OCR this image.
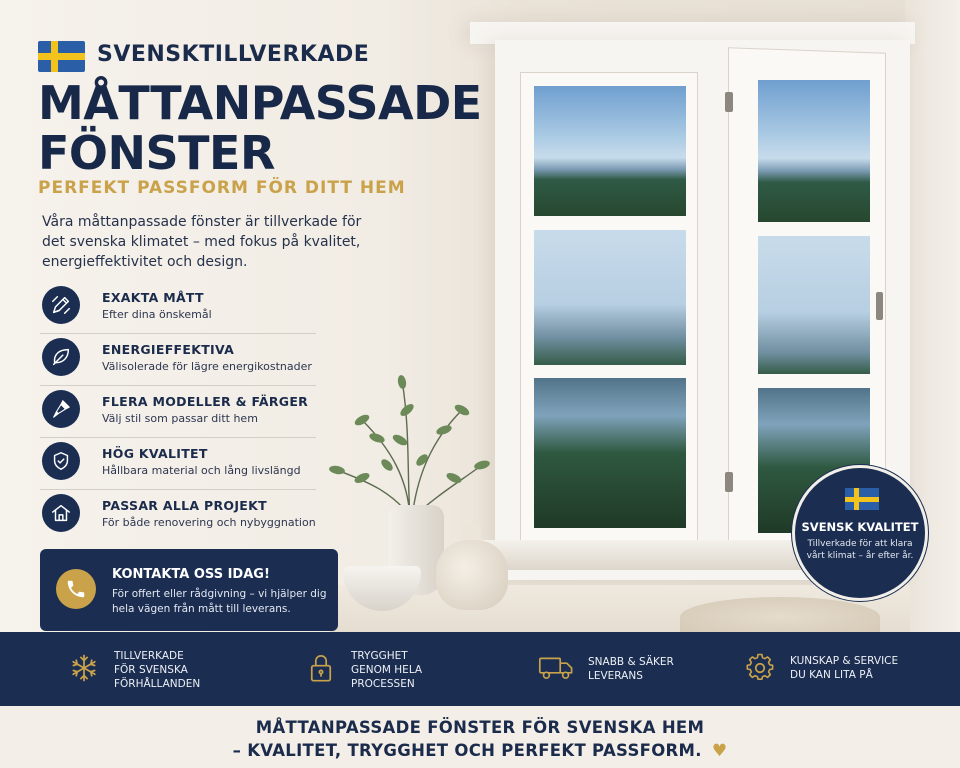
SVENSKTILLVERKADE
MÅTTANPASSADE
FÖNSTER
PERFEKT PASSFORM FÖR DITT HEM
Våra måttanpassade fönster är tillverkade för det svenska klimatet – med fokus på kvalitet, energieffektivitet och design.
EXAKTA MÅTT
Efter dina önskemål
ENERGIEFFEKTIVA
Välisolerade för lägre energikostnader
FLERA MODELLER & FÄRGER
Välj stil som passar ditt hem
HÖG KVALITET
Hållbara material och lång livslängd
PASSAR ALLA PROJEKT
För både renovering och nybyggnation
KONTAKTA OSS IDAG!
För offert eller rådgivning – vi hjälper dig hela vägen från mått till leverans.
SVENSK KVALITET
Tillverkade för att klara vårt klimat – år efter år.
TILLVERKADE
FÖR SVENSKA
FÖRHÅLLANDEN
TRYGGHET
GENOM HELA
PROCESSEN
SNABB & SÄKER
LEVERANS
KUNSKAP & SERVICE
DU KAN LITA PÅ
MÅTTANPASSADE FÖNSTER FÖR SVENSKA HEM
– KVALITET, TRYGGHET OCH PERFEKT PASSFORM. ♥
